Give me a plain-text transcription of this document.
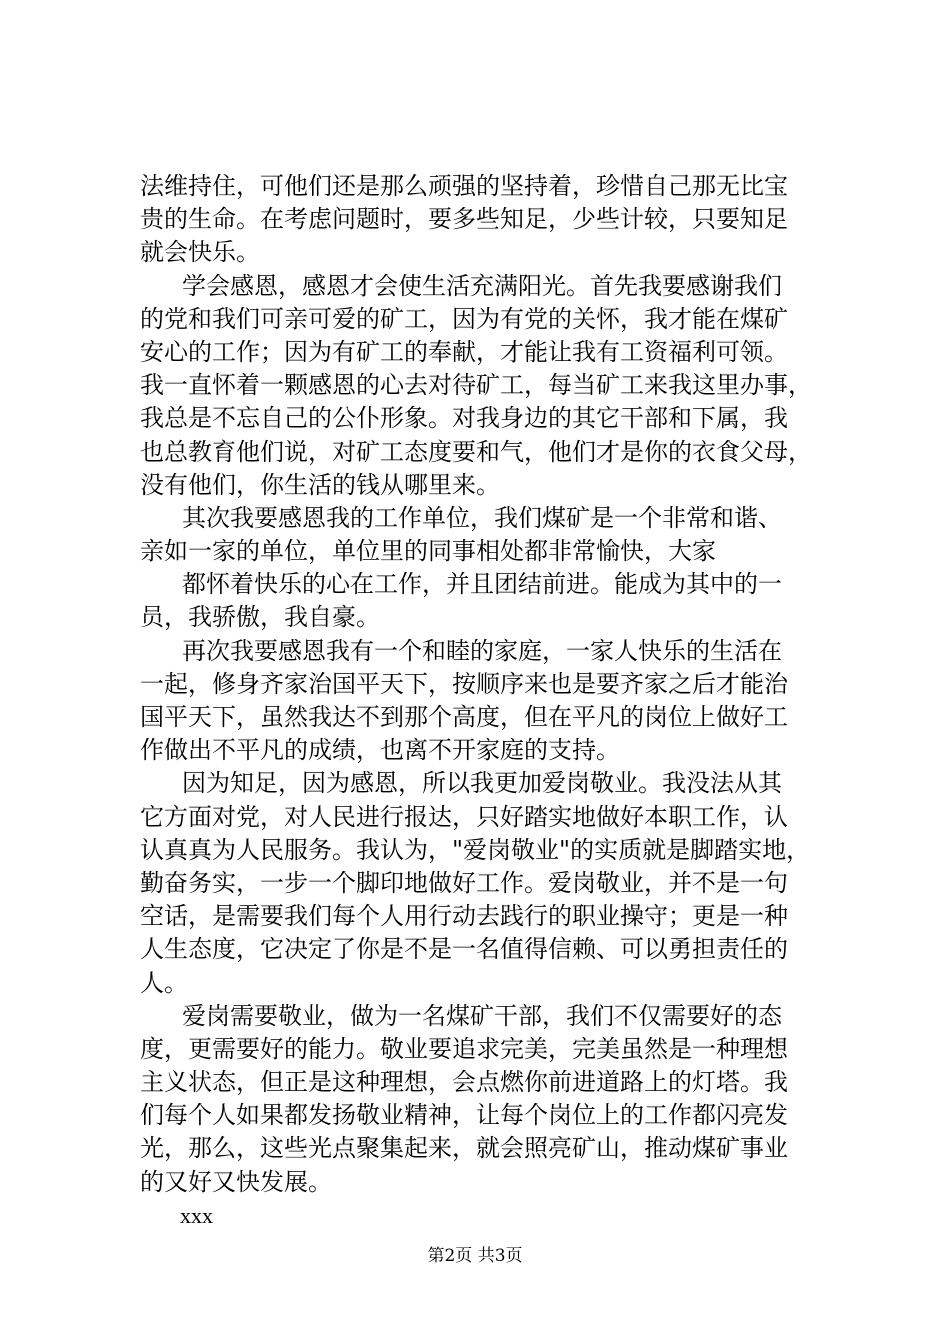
法维持住，可他们还是那么顽强的坚持着，珍惜自己那无比宝
贵的生命。在考虑问题时，要多些知足，少些计较，只要知足
就会快乐。
学会感恩，感恩才会使生活充满阳光。首先我要感谢我们
的党和我们可亲可爱的矿工，因为有党的关怀，我才能在煤矿
安心的工作；因为有矿工的奉献，才能让我有工资福利可领。
我一直怀着一颗感恩的心去对待矿工，每当矿工来我这里办事，
我总是不忘自己的公仆形象。对我身边的其它干部和下属，我
也总教育他们说，对矿工态度要和气，他们才是你的衣食父母，
没有他们，你生活的钱从哪里来。
其次我要感恩我的工作单位，我们煤矿是一个非常和谐、
亲如一家的单位，单位里的同事相处都非常愉快，大家
都怀着快乐的心在工作，并且团结前进。能成为其中的一
员，我骄傲，我自豪。
再次我要感恩我有一个和睦的家庭，一家人快乐的生活在
一起，修身齐家治国平天下，按顺序来也是要齐家之后才能治
国平天下，虽然我达不到那个高度，但在平凡的岗位上做好工
作做出不平凡的成绩，也离不开家庭的支持。
因为知足，因为感恩，所以我更加爱岗敬业。我没法从其
它方面对党，对人民进行报达，只好踏实地做好本职工作，认
认真真为人民服务。我认为，"爱岗敬业"的实质就是脚踏实地，
勤奋务实，一步一个脚印地做好工作。爱岗敬业，并不是一句
空话，是需要我们每个人用行动去践行的职业操守；更是一种
人生态度，它决定了你是不是一名值得信赖、可以勇担责任的
人。
爱岗需要敬业，做为一名煤矿干部，我们不仅需要好的态
度，更需要好的能力。敬业要追求完美，完美虽然是一种理想
主义状态，但正是这种理想，会点燃你前进道路上的灯塔。我
们每个人如果都发扬敬业精神，让每个岗位上的工作都闪亮发
光，那么，这些光点聚集起来，就会照亮矿山，推动煤矿事业
的又好又快发展。
xxx
第2页 共3页
